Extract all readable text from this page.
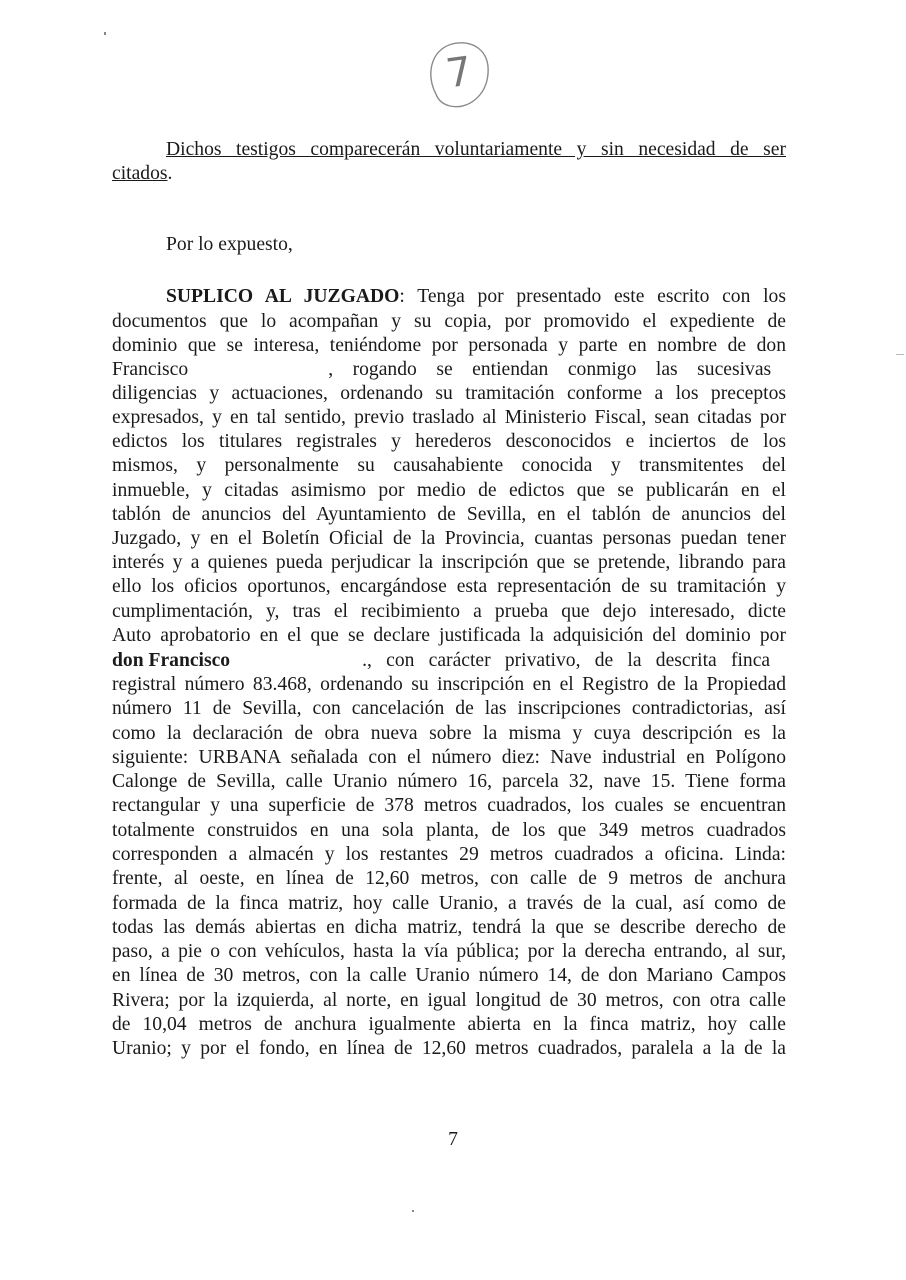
7
Dichos testigos comparecerán voluntariamente y sin necesidad de ser
citados.
Por lo expuesto,
SUPLICO AL JUZGADO: Tenga por presentado este escrito con los
documentos que lo acompañan y su copia, por promovido el expediente de
dominio que se interesa, teniéndome por personada y parte en nombre de don
Francisco	, rogando se entiendan conmigo las sucesivas
diligencias y actuaciones, ordenando su tramitación conforme a los preceptos
expresados, y en tal sentido, previo traslado al Ministerio Fiscal, sean citadas por
edictos los titulares registrales y herederos desconocidos e inciertos de los
mismos, y personalmente su causahabiente conocida y transmitentes del
inmueble, y citadas asimismo por medio de edictos que se publicarán en el
tablón de anuncios del Ayuntamiento de Sevilla, en el tablón de anuncios del
Juzgado, y en el Boletín Oficial de la Provincia, cuantas personas puedan tener
interés y a quienes pueda perjudicar la inscripción que se pretende, librando para
ello los oficios oportunos, encargándose esta representación de su tramitación y
cumplimentación, y, tras el recibimiento a prueba que dejo interesado, dicte
Auto aprobatorio en el que se declare justificada la adquisición del dominio por
don Francisco	., con carácter privativo, de la descrita finca
registral número 83.468, ordenando su inscripción en el Registro de la Propiedad
número 11 de Sevilla, con cancelación de las inscripciones contradictorias, así
como la declaración de obra nueva sobre la misma y cuya descripción es la
siguiente: URBANA señalada con el número diez: Nave industrial en Polígono
Calonge de Sevilla, calle Uranio número 16, parcela 32, nave 15. Tiene forma
rectangular y una superficie de 378 metros cuadrados, los cuales se encuentran
totalmente construidos en una sola planta, de los que 349 metros cuadrados
corresponden a almacén y los restantes 29 metros cuadrados a oficina. Linda:
frente, al oeste, en línea de 12,60 metros, con calle de 9 metros de anchura
formada de la finca matriz, hoy calle Uranio, a través de la cual, así como de
todas las demás abiertas en dicha matriz, tendrá la que se describe derecho de
paso, a pie o con vehículos, hasta la vía pública; por la derecha entrando, al sur,
en línea de 30 metros, con la calle Uranio número 14, de don Mariano Campos
Rivera; por la izquierda, al norte, en igual longitud de 30 metros, con otra calle
de 10,04 metros de anchura igualmente abierta en la finca matriz, hoy calle
Uranio; y por el fondo, en línea de 12,60 metros cuadrados, paralela a la de la
7
